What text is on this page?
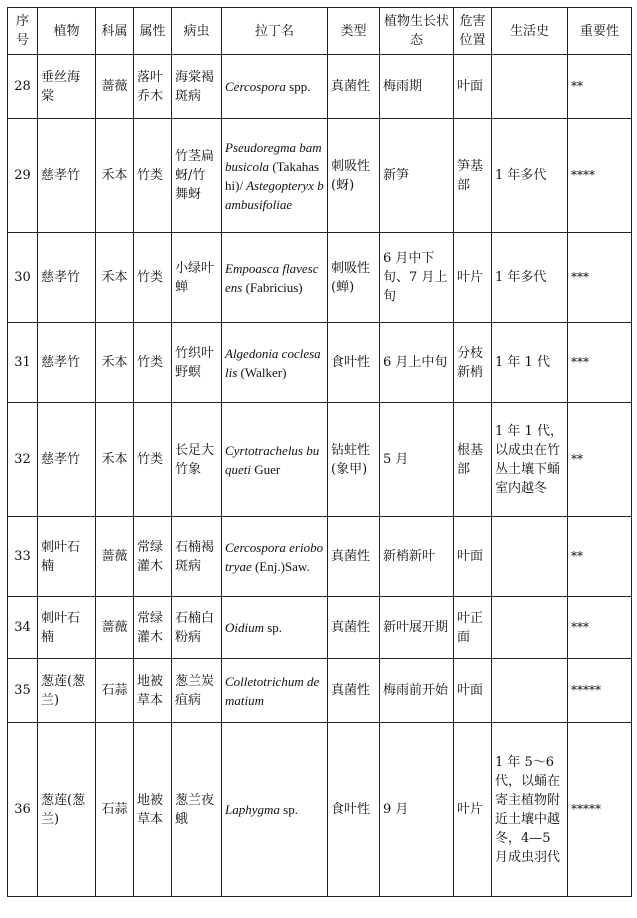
序号	植物	科属	属性	病虫	拉丁名	类型	植物生长状态	危害位置	生活史	重要性
28	垂丝海棠	蔷薇	落叶乔木	海棠褐斑病	Cercospora spp.	真菌性	梅雨期	叶面		**
29	慈孝竹	禾本	竹类	竹茎扁蚜/竹舞蚜	Pseudoregma bambusicola (Takahashi)/ Astegopteryx bambusifoliae	刺吸性(蚜)	新笋	笋基部	1 年多代	****
30	慈孝竹	禾本	竹类	小绿叶蝉	Empoasca flavescens (Fabricius)	刺吸性(蝉)	6 月中下旬、7 月上旬	叶片	1 年多代	***
31	慈孝竹	禾本	竹类	竹织叶野螟	Algedonia coclesalis (Walker)	食叶性	6 月上中旬	分枝新梢	1 年 1 代	***
32	慈孝竹	禾本	竹类	长足大竹象	Cyrtotrachelus buqueti Guer	钻蛀性(象甲)	5 月	根基部	1 年 1 代，以成虫在竹丛土壤下蛹室内越冬	**
33	刺叶石楠	蔷薇	常绿灌木	石楠褐斑病	Cercospora eriobotryae (Enj.)Saw.	真菌性	新梢新叶	叶面		**
34	刺叶石楠	蔷薇	常绿灌木	石楠白粉病	Oidium sp.	真菌性	新叶展开期	叶正面		***
35	葱莲(葱兰)	石蒜	地被草本	葱兰炭疽病	Colletotrichum dematium	真菌性	梅雨前开始	叶面		*****
36	葱莲(葱兰)	石蒜	地被草本	葱兰夜蛾	Laphygma sp.	食叶性	9 月	叶片	1 年 5～6 代，以蛹在寄主植物附近土壤中越冬，4—5 月成虫羽代	*****
